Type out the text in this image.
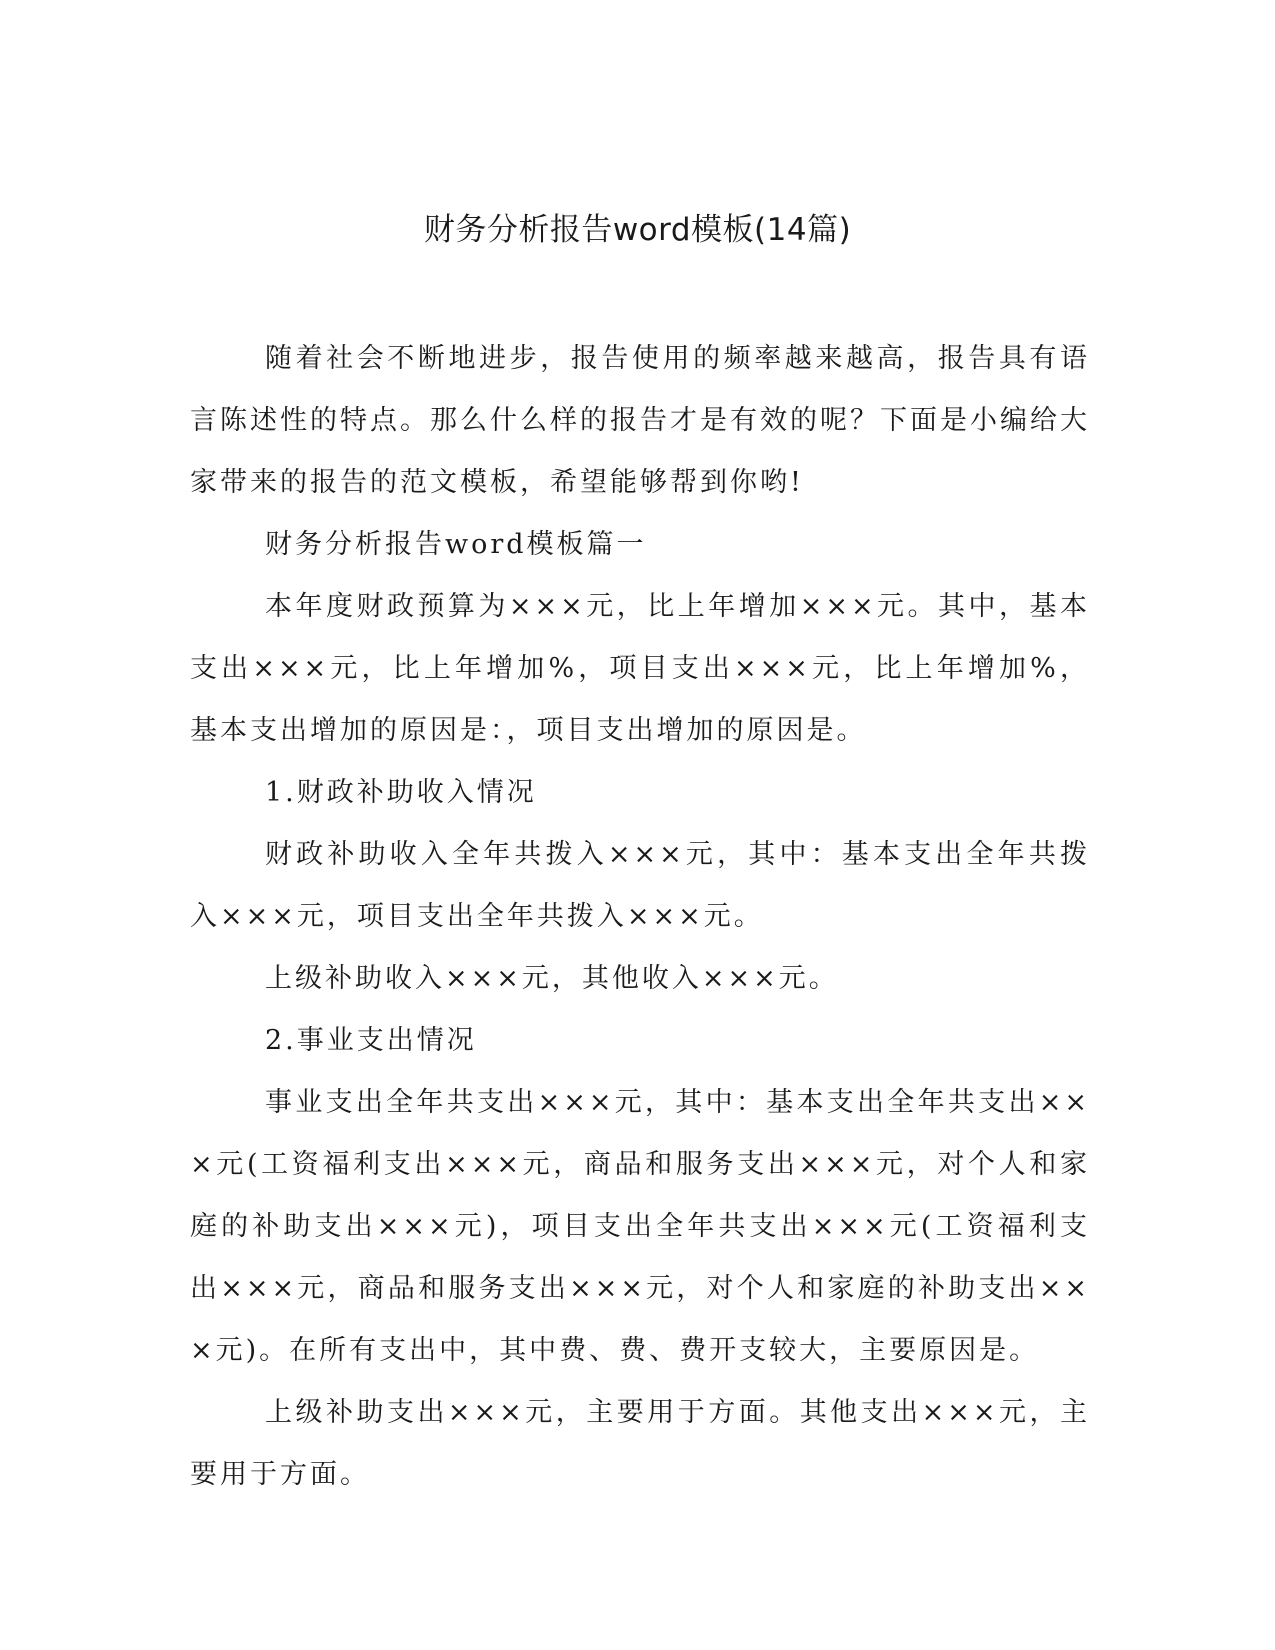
财务分析报告word模板(14篇)

随着社会不断地进步，报告使用的频率越来越高，报告具有语言陈述性的特点。那么什么样的报告才是有效的呢？下面是小编给大家带来的报告的范文模板，希望能够帮到你哟!

财务分析报告word模板篇一

本年度财政预算为×××元，比上年增加×××元。其中，基本支出×××元，比上年增加%，项目支出×××元，比上年增加%，基本支出增加的原因是：，项目支出增加的原因是。

1.财政补助收入情况

财政补助收入全年共拨入×××元，其中：基本支出全年共拨入×××元，项目支出全年共拨入×××元。

上级补助收入×××元，其他收入×××元。

2.事业支出情况

事业支出全年共支出×××元，其中：基本支出全年共支出×××元(工资福利支出×××元，商品和服务支出×××元，对个人和家庭的补助支出×××元)，项目支出全年共支出×××元(工资福利支出×××元，商品和服务支出×××元，对个人和家庭的补助支出×××元)。在所有支出中，其中费、费、费开支较大，主要原因是。

上级补助支出×××元，主要用于方面。其他支出×××元，主要用于方面。
